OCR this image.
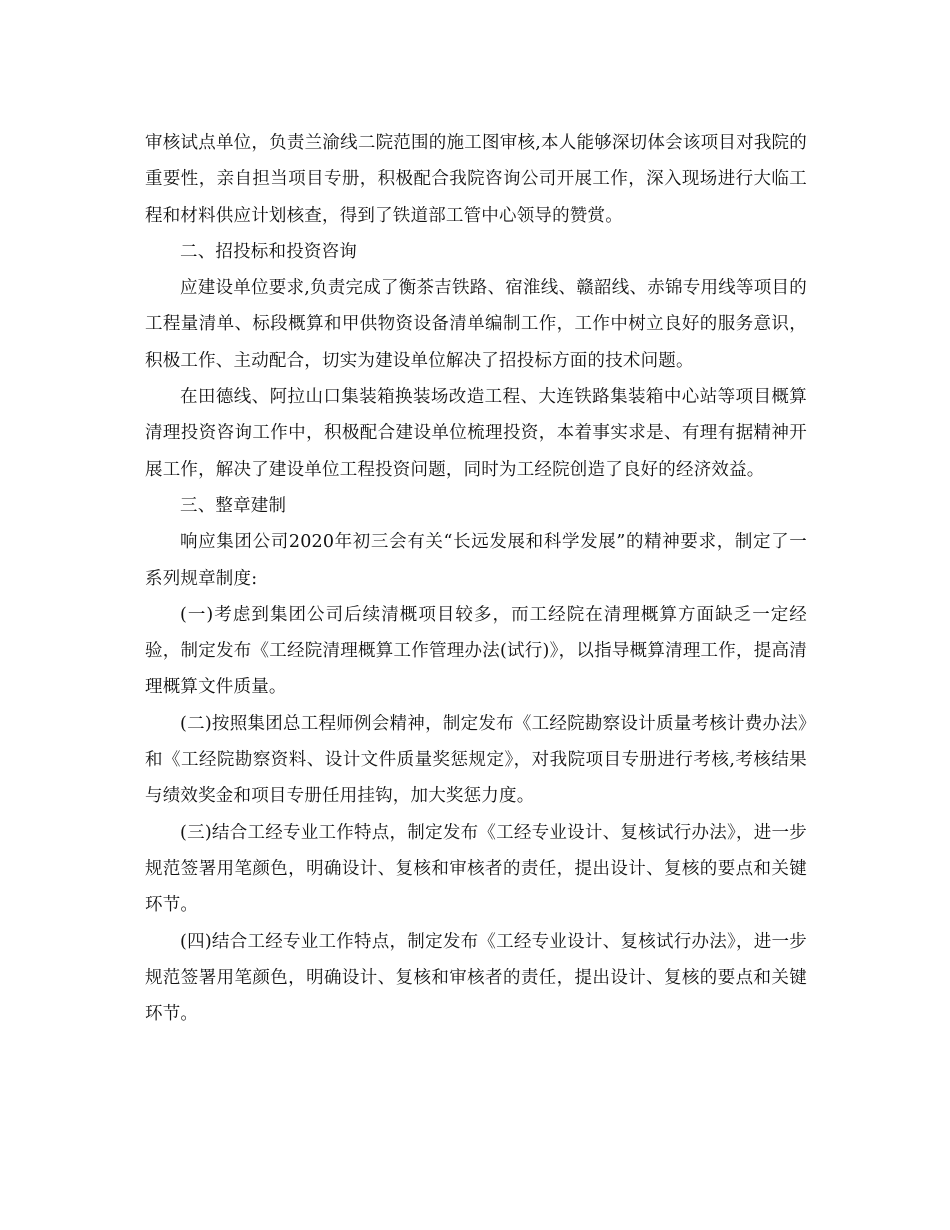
审核试点单位，负责兰渝线二院范围的施工图审核,本人能够深切体会该项目对我院的重要性，亲自担当项目专册，积极配合我院咨询公司开展工作，深入现场进行大临工程和材料供应计划核查，得到了铁道部工管中心领导的赞赏。

二、招投标和投资咨询

应建设单位要求,负责完成了衡茶吉铁路、宿淮线、赣韶线、赤锦专用线等项目的工程量清单、标段概算和甲供物资设备清单编制工作，工作中树立良好的服务意识，积极工作、主动配合，切实为建设单位解决了招投标方面的技术问题。

在田德线、阿拉山口集装箱换装场改造工程、大连铁路集装箱中心站等项目概算清理投资咨询工作中，积极配合建设单位梳理投资，本着事实求是、有理有据精神开展工作，解决了建设单位工程投资问题，同时为工经院创造了良好的经济效益。

三、整章建制

响应集团公司2020年初三会有关“长远发展和科学发展”的精神要求，制定了一系列规章制度:

(一)考虑到集团公司后续清概项目较多，而工经院在清理概算方面缺乏一定经验，制定发布《工经院清理概算工作管理办法(试行)》，以指导概算清理工作，提高清理概算文件质量。

(二)按照集团总工程师例会精神，制定发布《工经院勘察设计质量考核计费办法》和《工经院勘察资料、设计文件质量奖惩规定》，对我院项目专册进行考核,考核结果与绩效奖金和项目专册任用挂钩，加大奖惩力度。

(三)结合工经专业工作特点，制定发布《工经专业设计、复核试行办法》，进一步规范签署用笔颜色，明确设计、复核和审核者的责任，提出设计、复核的要点和关键环节。

(四)结合工经专业工作特点，制定发布《工经专业设计、复核试行办法》，进一步规范签署用笔颜色，明确设计、复核和审核者的责任，提出设计、复核的要点和关键环节。
